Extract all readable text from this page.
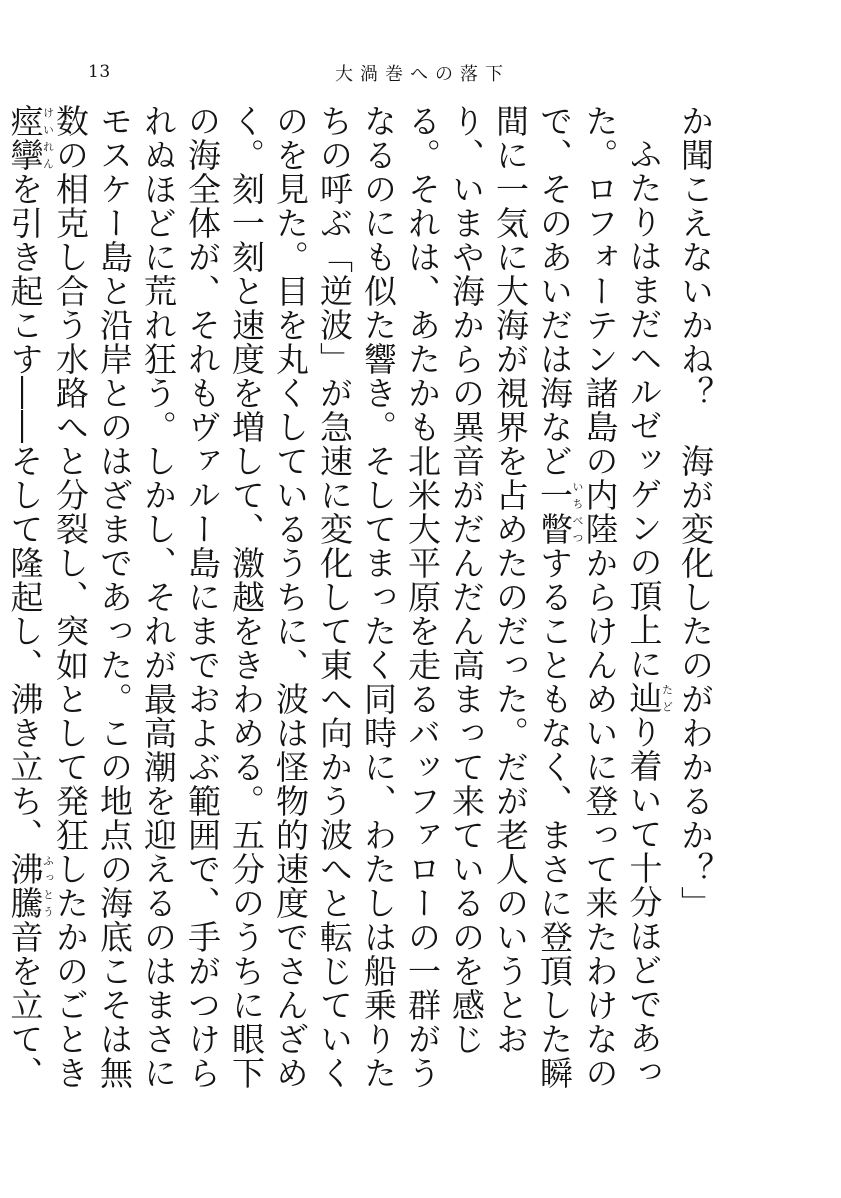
13	大渦巻への落下

か聞こえないかね？　海が変化したのがわかるか？」

ふたりはまだヘルゼッゲンの頂上に辿たどり着いて十分ほどであった。ロフォーテン諸島の内陸からけんめいに登って来たわけなので、そのあいだは海など一瞥いちべつすることもなく、まさに登頂した瞬間に一気に大海が視界を占めたのだった。だが老人のいうとおり、いまや海からの異音がだんだん高まって来ているのを感じる。それは、あたかも北米大平原を走るバッファローの一群がうなるのにも似た響き。そしてまったく同時に、わたしは船乗りたちの呼ぶ「逆波」が急速に変化して東へ向かう波へと転じていくのを見た。目を丸くしているうちに、波は怪物的速度でさんざめく。刻一刻と速度を増して、激越をきわめる。五分のうちに眼下の海全体が、それもヴァルー島にまでおよぶ範囲で、手がつけられぬほどに荒れ狂う。しかし、それが最高潮を迎えるのはまさにモスケー島と沿岸とのはざまであった。この地点の海底こそは無数の相克し合う水路へと分裂し、突如として発狂したかのごとき痙攣けいれんを引き起こす――そして隆起し、沸き立ち、沸騰ふっとう音を立て、
